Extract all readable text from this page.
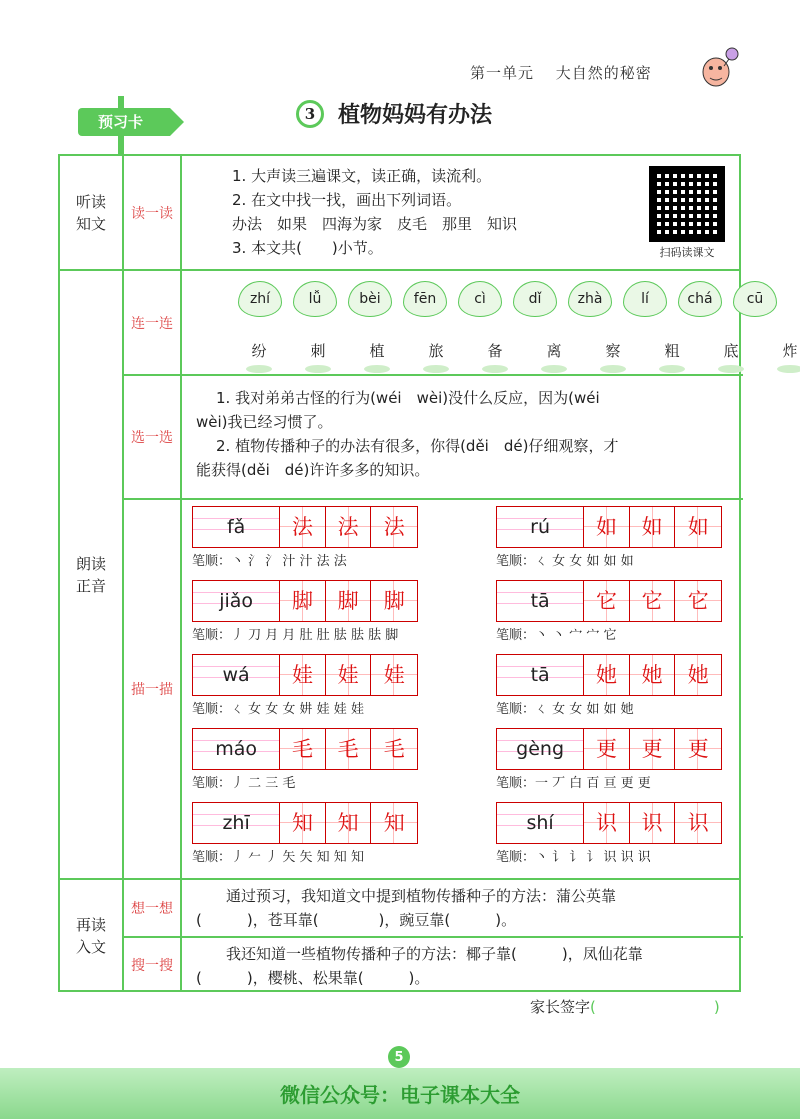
第一单元 大自然的秘密
预习卡	3	植物妈妈有办法
听读
知文
读一读
1. 大声读三遍课文，读正确，读流利。
2. 在文中找一找，画出下列词语。
办法　如果　四海为家　皮毛　那里　知识
3. 本文共(　　)小节。	扫码读课文
朗读
正音
连一连
zhí	lǚ	bèi	fēn	cì	dǐ	zhà	lí	chá	cū
纷	刺	植	旅	备	离	察	粗	底	炸
选一选
1. 我对弟弟古怪的行为(wéi　wèi)没什么反应，因为(wéi
wèi)我已经习惯了。
2. 植物传播种子的办法有很多，你得(děi　dé)仔细观察，才
能获得(děi　dé)许许多多的知识。
描一描
fǎ	法	法	法
笔顺：丶 氵 氵 汁 汁 法 法
rú	如	如	如
笔顺：ㄑ 女 女 如 如 如
jiǎo	脚	脚	脚
笔顺：丿 刀 月 月 肚 肚 胠 胠 胠 脚
tā	它	它	它
笔顺：丶 丶 宀 宀 它
wá	娃	娃	娃
笔顺：ㄑ 女 女 女 妌 娃 娃 娃
tā	她	她	她
笔顺：ㄑ 女 女 如 如 她
máo	毛	毛	毛
笔顺：丿 二 三 毛
gèng	更	更	更
笔顺：一 丆 白 百 亘 更 更
zhī	知	知	知
笔顺：丿 𠂉 丿 矢 矢 知 知 知
shí	识	识	识
笔顺：丶 讠 讠 讠 识 识 识
再读
入文
想一想
通过预习，我知道文中提到植物传播种子的方法：蒲公英靠
(　　　)，苍耳靠(　　　　)，豌豆靠(　　　)。
搜一搜
我还知道一些植物传播种子的方法：椰子靠(　　　)，凤仙花靠
(　　　)，樱桃、松果靠(　　　)。
家长签字(	)
5
微信公众号：电子课本大全
